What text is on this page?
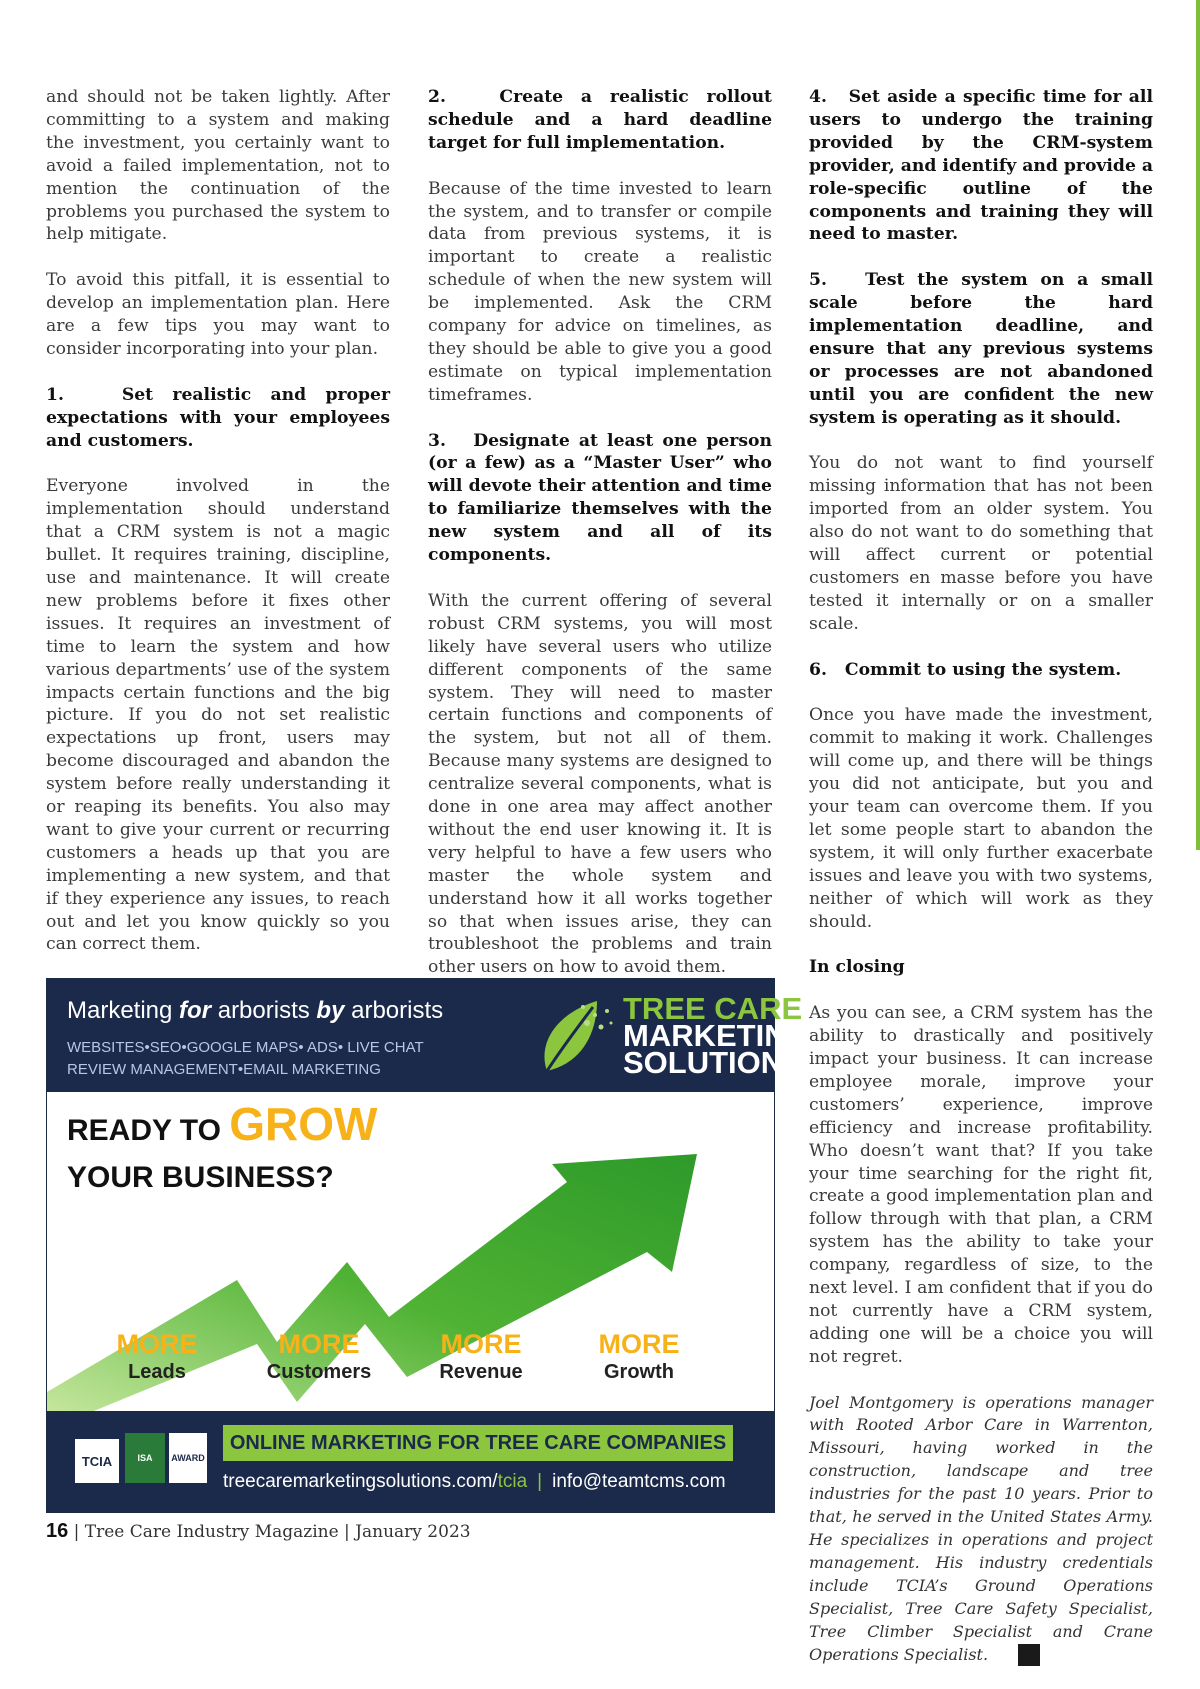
and should not be taken lightly. After committing to a system and making the investment, you certainly want to avoid a failed implementation, not to mention the continuation of the problems you purchased the system to help mitigate.

To avoid this pitfall, it is essential to develop an implementation plan. Here are a few tips you may want to consider incorporating into your plan.

1.   Set realistic and proper expectations with your employees and customers.

Everyone involved in the implementation should understand that a CRM system is not a magic bullet. It requires training, discipline, use and maintenance. It will create new problems before it fixes other issues. It requires an investment of time to learn the system and how various departments’ use of the system impacts certain functions and the big picture. If you do not set realistic expectations up front, users may become discouraged and abandon the system before really understanding it or reaping its benefits. You also may want to give your current or recurring customers a heads up that you are implementing a new system, and that if they experience any issues, to reach out and let you know quickly so you can correct them.

2.   Create a realistic rollout schedule and a hard deadline target for full implementation.

Because of the time invested to learn the system, and to transfer or compile data from previous systems, it is important to create a realistic schedule of when the new system will be implemented. Ask the CRM company for advice on timelines, as they should be able to give you a good estimate on typical implementation timeframes.

3.   Designate at least one person (or a few) as a “Master User” who will devote their attention and time to familiarize themselves with the new system and all of its components.

With the current offering of several robust CRM systems, you will most likely have several users who utilize different components of the same system. They will need to master certain functions and components of the system, but not all of them. Because many systems are designed to centralize several components, what is done in one area may affect another without the end user knowing it. It is very helpful to have a few users who master the whole system and understand how it all works together so that when issues arise, they can troubleshoot the problems and train other users on how to avoid them.

4.   Set aside a specific time for all users to undergo the training provided by the CRM-system provider, and identify and provide a role-specific outline of the components and training they will need to master.

5.   Test the system on a small scale before the hard implementation deadline, and ensure that any previous systems or processes are not abandoned until you are confident the new system is operating as it should.

You do not want to find yourself missing information that has not been imported from an older system. You also do not want to do something that will affect current or potential customers en masse before you have tested it internally or on a smaller scale.

6.   Commit to using the system.

Once you have made the investment, commit to making it work. Challenges will come up, and there will be things you did not anticipate, but you and your team can overcome them. If you let some people start to abandon the system, it will only further exacerbate issues and leave you with two systems, neither of which will work as they should.

In closing

As you can see, a CRM system has the ability to drastically and positively impact your business. It can increase employee morale, improve your customers’ experience, improve efficiency and increase profitability. Who doesn’t want that? If you take your time searching for the right fit, create a good implementation plan and follow through with that plan, a CRM system has the ability to take your company, regardless of size, to the next level. I am confident that if you do not currently have a CRM system, adding one will be a choice you will not regret.

Joel Montgomery is operations manager with Rooted Arbor Care in Warrenton, Missouri, having worked in the construction, landscape and tree industries for the past 10 years. Prior to that, he served in the United States Army. He specializes in operations and project management. His industry credentials include TCIA’s Ground Operations Specialist, Tree Care Safety Specialist, Tree Climber Specialist and Crane Operations Specialist.

Marketing for arborists by arborists
WEBSITES•SEO•GOOGLE MAPS• ADS• LIVE CHAT
REVIEW MANAGEMENT•EMAIL MARKETING
TREE CARE
MARKETING
SOLUTIONS
READY TO GROW
YOUR BUSINESS?
MORE
Leads
MORE
Customers
MORE
Revenue
MORE
Growth
TCIA	ISA	AWARD
ONLINE MARKETING FOR TREE CARE COMPANIES
treecaremarketingsolutions.com/tcia | info@teamtcms.com
16 | Tree Care Industry Magazine | January 2023
